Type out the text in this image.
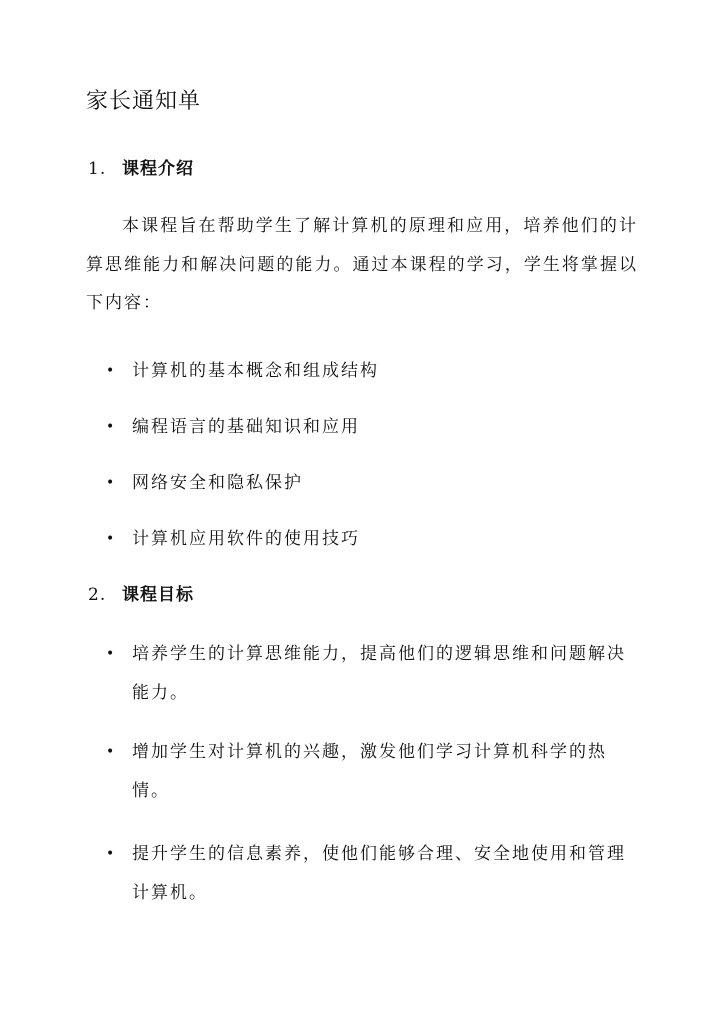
家长通知单
1. 课程介绍

本课程旨在帮助学生了解计算机的原理和应用，培养他们的计算思维能力和解决问题的能力。通过本课程的学习，学生将掌握以下内容：

• 计算机的基本概念和组成结构
• 编程语言的基础知识和应用
• 网络安全和隐私保护
• 计算机应用软件的使用技巧
2. 课程目标
• 培养学生的计算思维能力，提高他们的逻辑思维和问题解决能力。
• 增加学生对计算机的兴趣，激发他们学习计算机科学的热情。
• 提升学生的信息素养，使他们能够合理、安全地使用和管理计算机。
